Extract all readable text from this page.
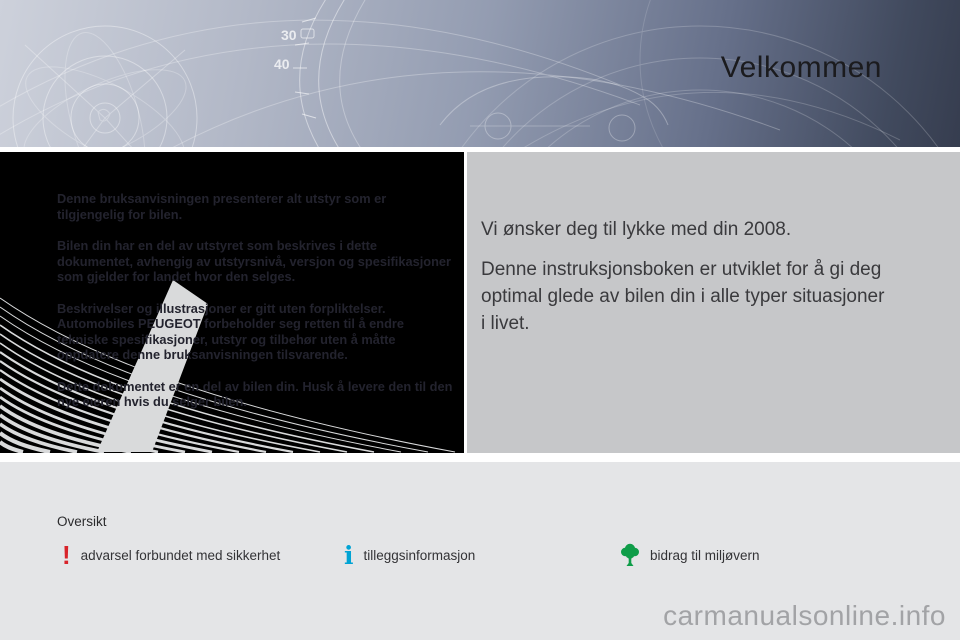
30
40	Velkommen

Denne bruksanvisningen presenterer alt utstyr som er tilgjengelig for bilen.

Bilen din har en del av utstyret som beskrives i dette dokumentet, avhengig av utstyrsnivå, versjon og spesifikasjoner som gjelder for landet hvor den selges.

Beskrivelser og illustrasjoner er gitt uten forpliktelser. Automobiles PEUGEOT forbeholder seg retten til å endre tekniske spesifikasjoner, utstyr og tilbehør uten å måtte oppdatere denne bruksanvisningen tilsvarende.

Dette dokumentet er en del av bilen din. Husk å levere den til den nye eieren hvis du selger bilen.

Vi ønsker deg til lykke med din 2008.

Denne instruksjonsboken er utviklet for å gi deg optimal glede av bilen din i alle typer situasjoner i livet.

Oversikt
! advarsel forbundet med sikkerhet	i tilleggsinformasjon	bidrag til miljøvern
carmanualsonline.info
